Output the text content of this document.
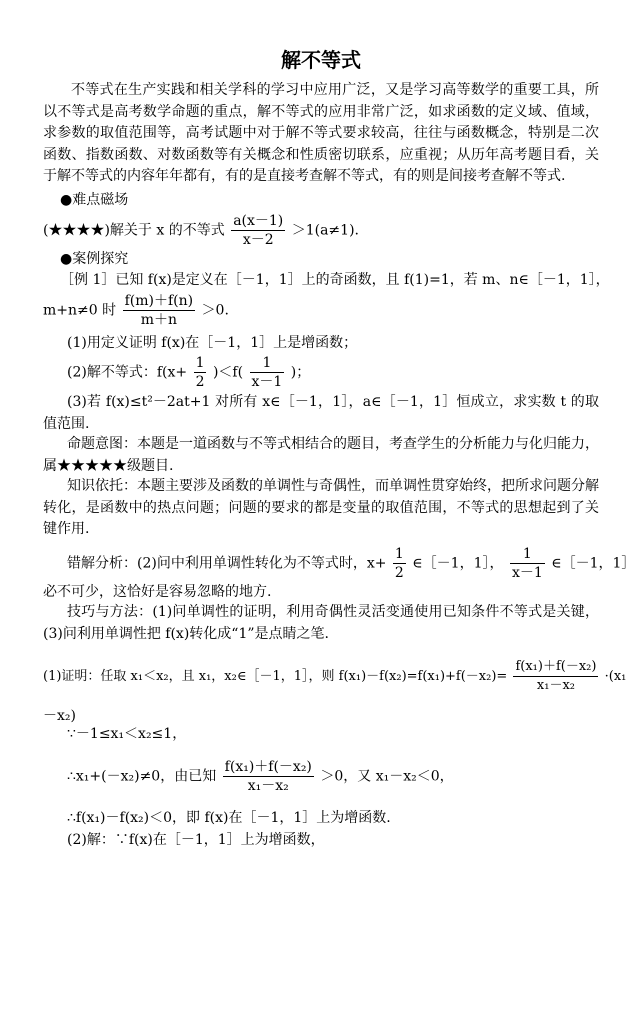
解不等式
不等式在生产实践和相关学科的学习中应用广泛，又是学习高等数学的重要工具，所以不等式是高考数学命题的重点，解不等式的应用非常广泛，如求函数的定义域、值域，求参数的取值范围等，高考试题中对于解不等式要求较高，往往与函数概念，特别是二次函数、指数函数、对数函数等有关概念和性质密切联系，应重视；从历年高考题目看，关于解不等式的内容年年都有，有的是直接考查解不等式，有的则是间接考查解不等式.
●难点磁场
(★★★★)解关于 x 的不等式 $\frac{a(x-1)}{x-2} >1(a\ne 1)$.
●案例探究
［例 1］已知 f(x)是定义在［－1，1］上的奇函数，且 f(1)=1，若 m、n∈［－1，1］，
m+n≠0 时 $\frac{f(m)+f(n)}{m+n} >0$.
(1)用定义证明 f(x)在［－1，1］上是增函数；
(2)解不等式：$f(x+ \frac{1}{2} )<f( \frac{1}{x-1}$ )；
(3)若 f(x)≤t²－2at+1 对所有 x∈［－1，1］，a∈［－1，1］恒成立，求实数 t 的取值范围.
命题意图：本题是一道函数与不等式相结合的题目，考查学生的分析能力与化归能力，属★★★★★级题目.
知识依托：本题主要涉及函数的单调性与奇偶性，而单调性贯穿始终，把所求问题分解转化，是函数中的热点问题；问题的要求的都是变量的取值范围，不等式的思想起到了关键作用.
错解分析：(2)问中利用单调性转化为不等式时，$x+ \frac{1}{2}$ ∈［－1，1］， $\frac{1}{x-1}$ ∈［－1，1］
必不可少，这恰好是容易忽略的地方.
技巧与方法：(1)问单调性的证明，利用奇偶性灵活变通使用已知条件不等式是关键，(3)问利用单调性把 f(x)转化成“1”是点睛之笔.
(1)证明：任取 x₁＜x₂，且 x₁，x₂∈［－1，1］，则 $f(x_1)-f(x_2)=f(x_1)+f(-x_2)= \frac{\text{f(x₁)＋f(－x₂)}}{\text{x₁－x₂}} \cdot(x_1$
－x₂)
∵－1≤x₁＜x₂≤1，
∴x₁+(－x₂)≠0，由已知 $\frac{\text{f(x₁)＋f(－x₂)}}{\text{x₁－x₂}} >0$，又 x₁－x₂＜0，
∴f(x₁)－f(x₂)＜0，即 f(x)在［－1，1］上为增函数.
(2)解：∵f(x)在［－1，1］上为增函数，
